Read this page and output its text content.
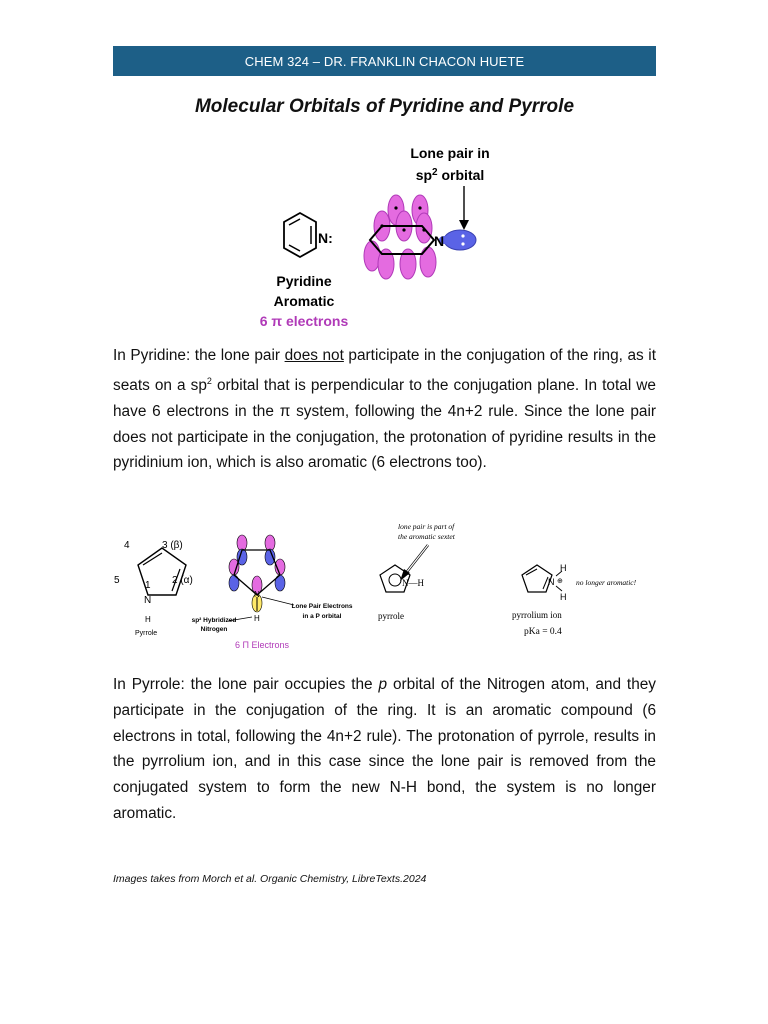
CHEM 324 – DR. FRANKLIN CHACON HUETE
Molecular Orbitals of Pyridine and Pyrrole
Lone pair in
$sp^2$ orbital
N:	N
Pyridine
Aromatic
6 π electrons

In Pyridine: the lone pair does not participate in the conjugation of the ring, as it seats on a $sp^2$ orbital that is perpendicular to the conjugation plane. In total we have 6 electrons in the π system, following the 4n+2 rule. Since the lone pair does not participate in the conjugation, the protonation of pyridine results in the pyridinium ion, which is also aromatic (6 electrons too).

4	3 (β)
5	2 (α)
1
N
H
Pyrrole
N
H
sp² Hybridized
Nitrogen
Lone Pair Electrons
in a P orbital
6 Π Electrons
lone pair is part of
the aromatic sextet
N—H
pyrrole
H
N ⊕
H
no longer aromatic!
pyrrolium ion
pKa = 0.4

In Pyrrole: the lone pair occupies the p orbital of the Nitrogen atom, and they participate in the conjugation of the ring. It is an aromatic compound (6 electrons in total, following the 4n+2 rule). The protonation of pyrrole, results in the pyrrolium ion, and in this case since the lone pair is removed from the conjugated system to form the new N-H bond, the system is no longer aromatic.

Images takes from Morch et al. Organic Chemistry, LibreTexts.2024
